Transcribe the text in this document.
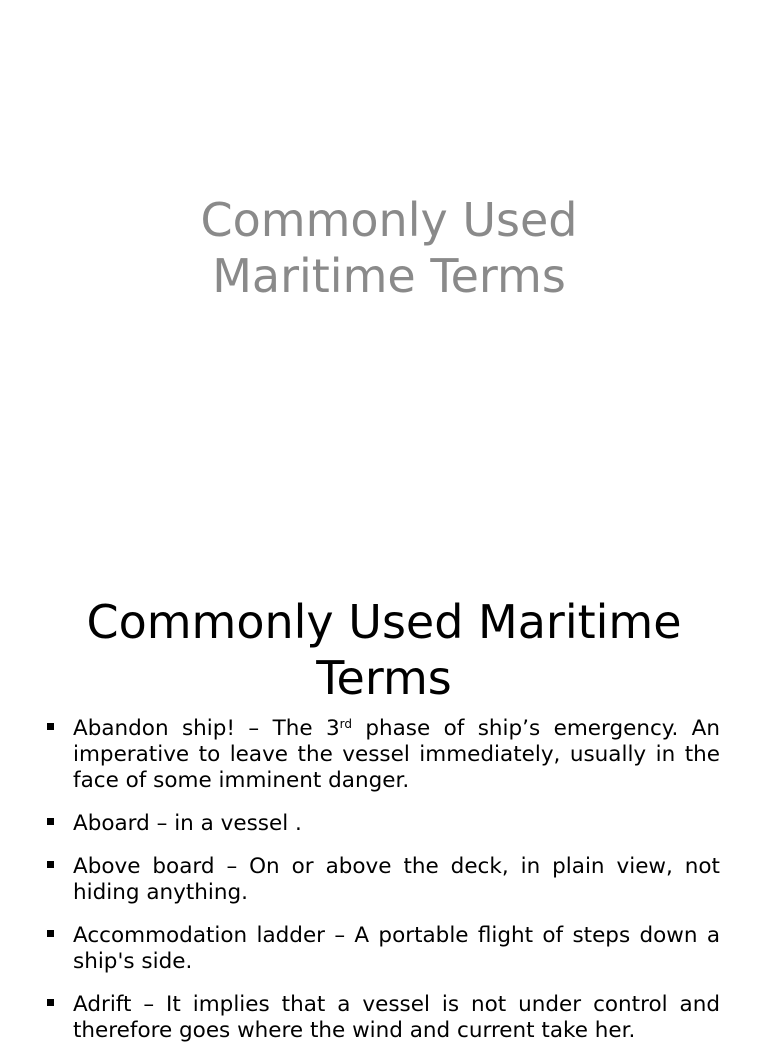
Commonly Used
Maritime Terms
Commonly Used Maritime
Terms
Abandon ship! – The 3rd phase of ship’s emergency. An imperative to leave the vessel immediately, usually in the face of some imminent danger.
Aboard – in a vessel .
Above board – On or above the deck, in plain view, not hiding anything.
Accommodation ladder – A portable flight of steps down a ship's side.
Adrift – It implies that a vessel is not under control and therefore goes where the wind and current take her.
